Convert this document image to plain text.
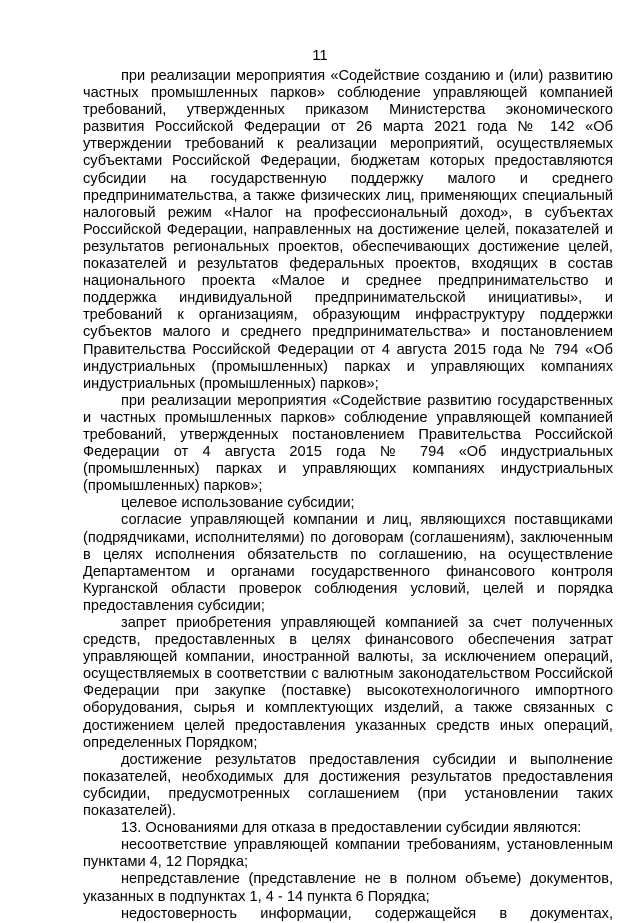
11

при реализации мероприятия «Содействие созданию и (или) развитию частных промышленных парков» соблюдение управляющей компанией требований, утвержденных приказом Министерства экономического развития Российской Федерации от 26 марта 2021 года № 142 «Об утверждении требований к реализации мероприятий, осуществляемых субъектами Российской Федерации, бюджетам которых предоставляются субсидии на государственную поддержку малого и среднего предпринимательства, а также физических лиц, применяющих специальный налоговый режим «Налог на профессиональный доход», в субъектах Российской Федерации, направленных на достижение целей, показателей и результатов региональных проектов, обеспечивающих достижение целей, показателей и результатов федеральных проектов, входящих в состав национального проекта «Малое и среднее предпринимательство и поддержка индивидуальной предпринимательской инициативы», и требований к организациям, образующим инфраструктуру поддержки субъектов малого и среднего предпринимательства» и постановлением Правительства Российской Федерации от 4 августа 2015 года № 794 «Об индустриальных (промышленных) парках и управляющих компаниях индустриальных (промышленных) парков»;

при реализации мероприятия «Содействие развитию государственных и частных промышленных парков» соблюдение управляющей компанией требований, утвержденных постановлением Правительства Российской Федерации от 4 августа 2015 года № 794 «Об индустриальных (промышленных) парках и управляющих компаниях индустриальных (промышленных) парков»;

целевое использование субсидии;

согласие управляющей компании и лиц, являющихся поставщиками (подрядчиками, исполнителями) по договорам (соглашениям), заключенным в целях исполнения обязательств по соглашению, на осуществление Департаментом и органами государственного финансового контроля Курганской области проверок соблюдения условий, целей и порядка предоставления субсидии;

запрет приобретения управляющей компанией за счет полученных средств, предоставленных в целях финансового обеспечения затрат управляющей компании, иностранной валюты, за исключением операций, осуществляемых в соответствии с валютным законодательством Российской Федерации при закупке (поставке) высокотехнологичного импортного оборудования, сырья и комплектующих изделий, а также связанных с достижением целей предоставления указанных средств иных операций, определенных Порядком;

достижение результатов предоставления субсидии и выполнение показателей, необходимых для достижения результатов предоставления субсидии, предусмотренных соглашением (при установлении таких показателей).

13. Основаниями для отказа в предоставлении субсидии являются:

несоответствие управляющей компании требованиям, установленным пунктами 4, 12 Порядка;

непредставление (представление не в полном объеме) документов, указанных в подпунктах 1, 4 - 14 пункта 6 Порядка;

недостоверность информации, содержащейся в документах,
